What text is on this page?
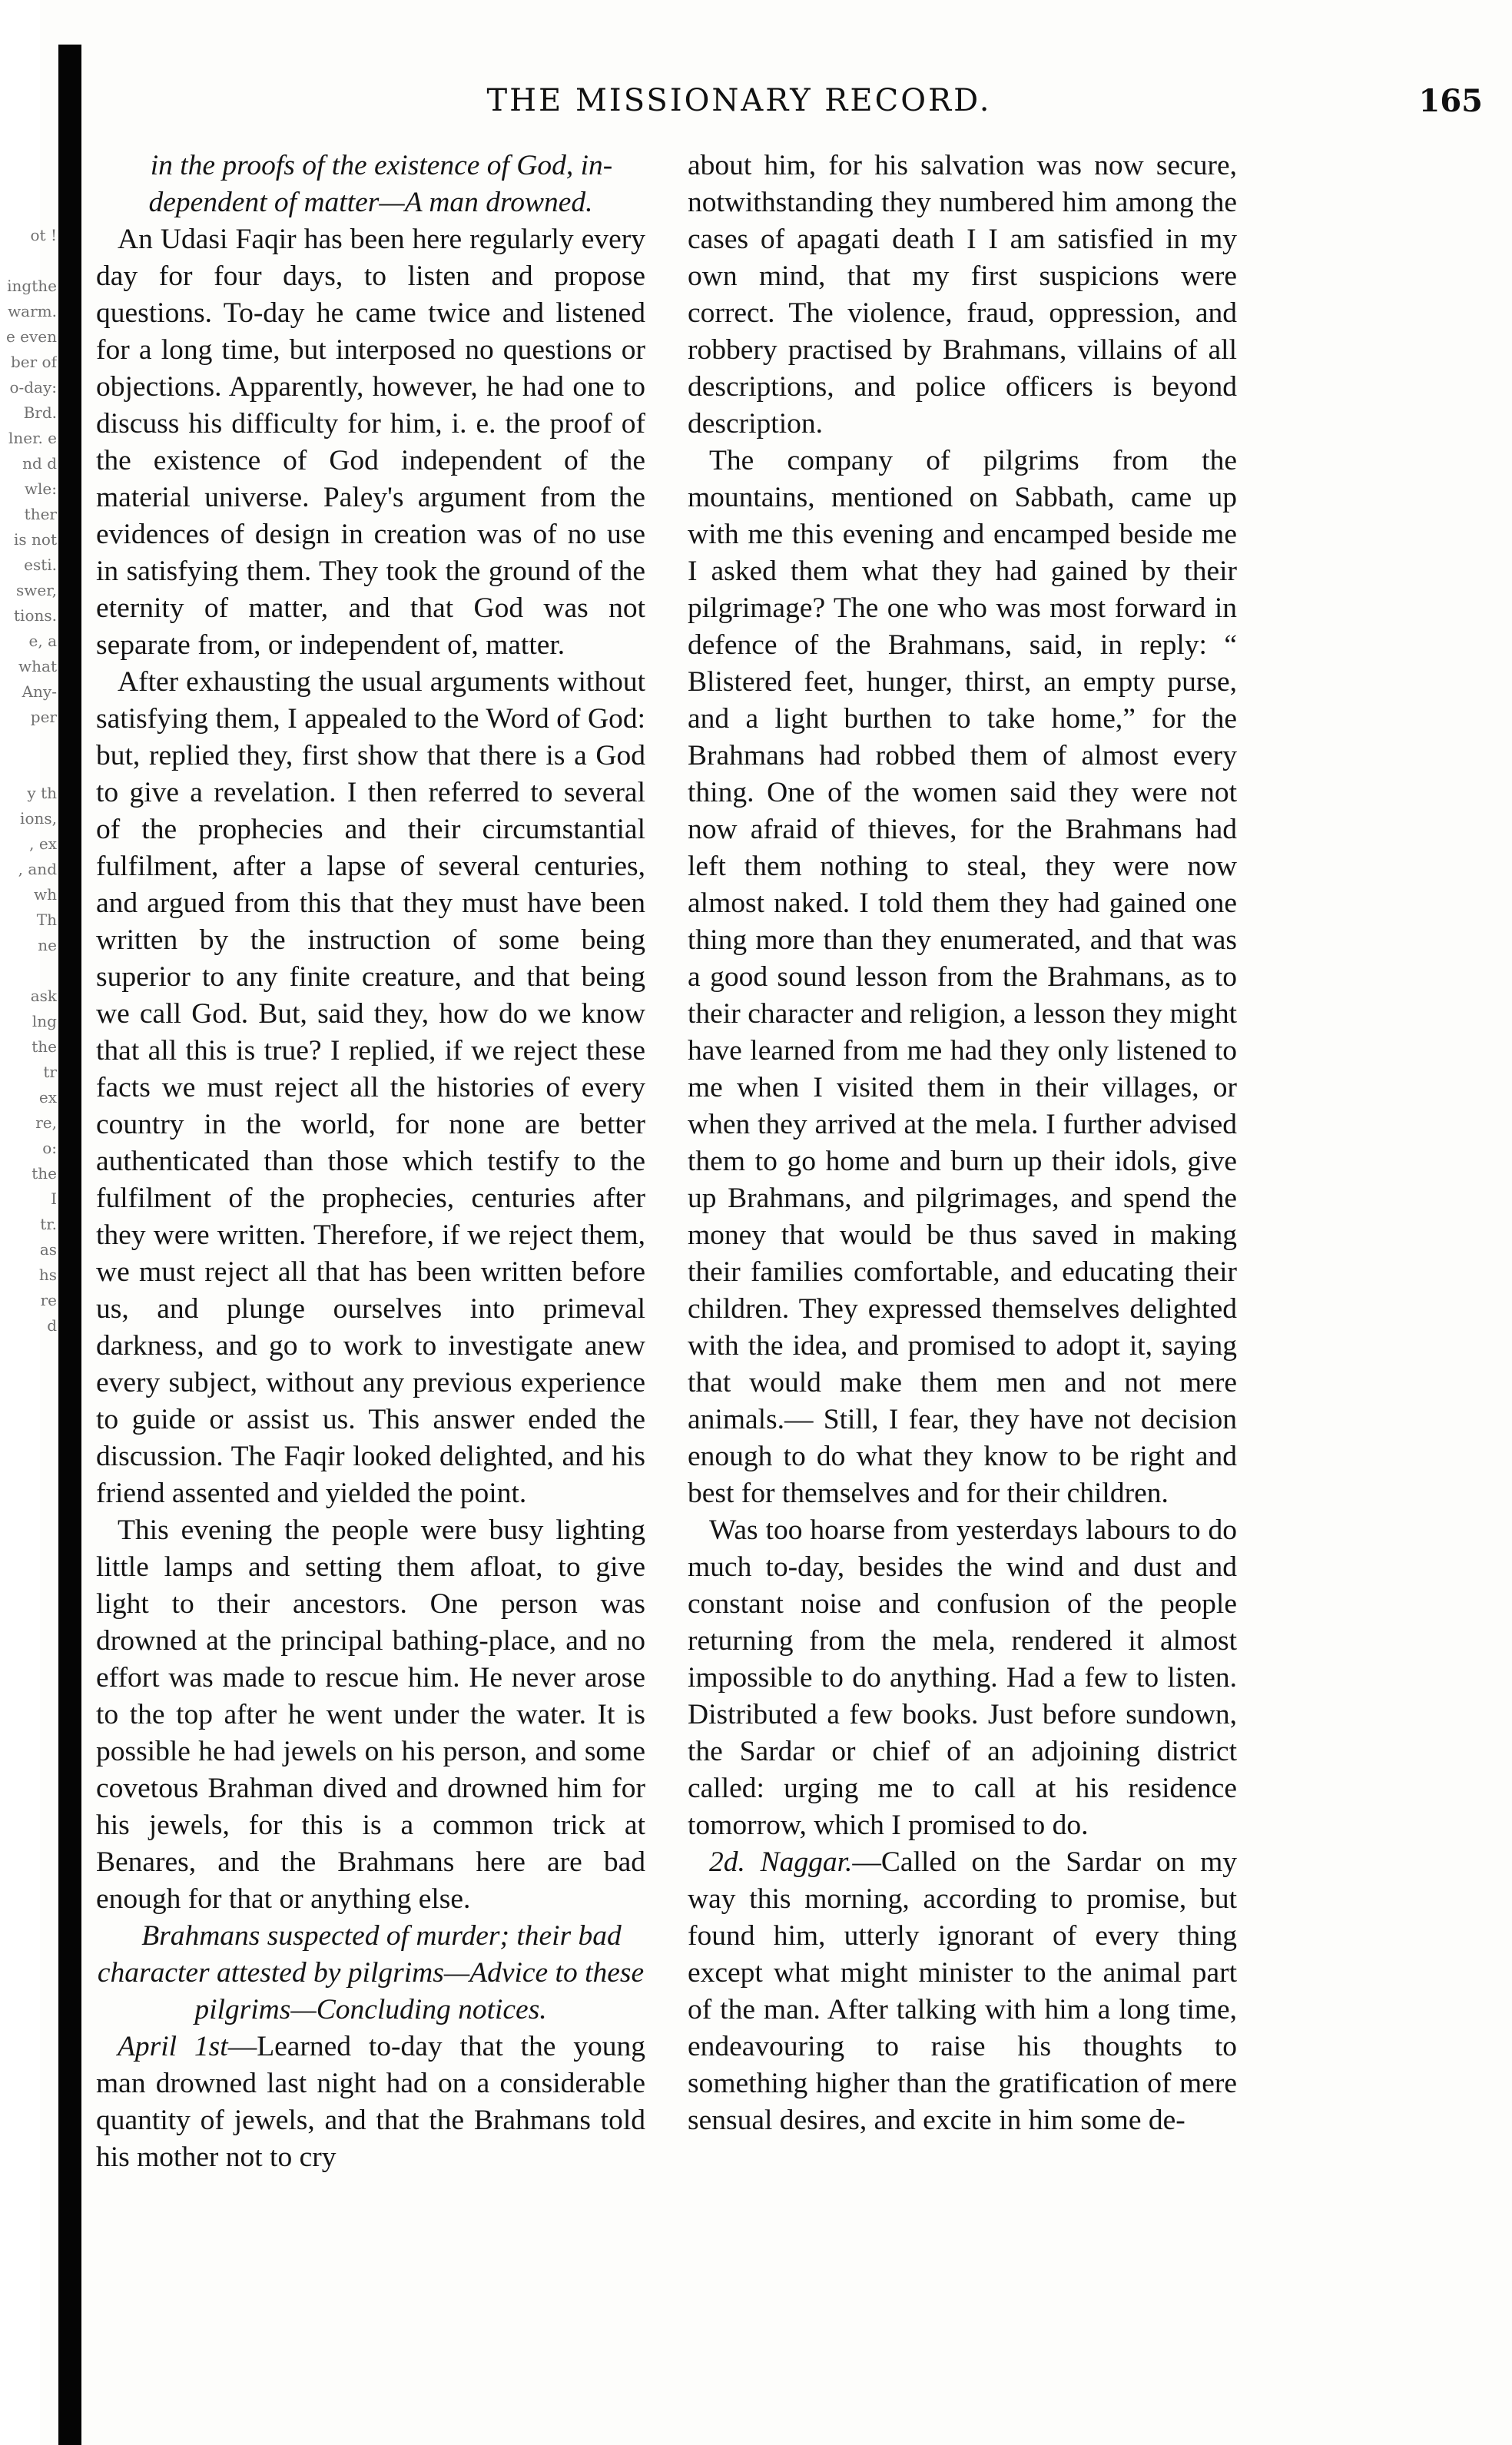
ot !
ingthe
warm.
e even
ber of
o-day:
Brd.
lner. e
nd d
wle:
ther
is not
esti.
swer,
tions.
e, a
what
Any-
per
y th
ions,
, ex
, and
wh
Th
ne
ask
lng
the
tr
ex
re,
o:
the
I
tr.
as
hs
re
d
THE MISSIONARY RECORD.	165

in the proofs of the existence of God, in-dependent of matter—A man drowned.

An Udasi Faqir has been here regularly every day for four days, to listen and propose questions. To-day he came twice and listened for a long time, but interposed no questions or objections. Apparently, however, he had one to discuss his difficulty for him, i. e. the proof of the existence of God independent of the material universe. Paley's argument from the evidences of design in creation was of no use in satisfying them. They took the ground of the eternity of matter, and that God was not separate from, or independent of, matter.

After exhausting the usual arguments without satisfying them, I appealed to the Word of God: but, replied they, first show that there is a God to give a revelation. I then referred to several of the prophecies and their circumstantial fulfilment, after a lapse of several centuries, and argued from this that they must have been written by the instruction of some being superior to any finite creature, and that being we call God. But, said they, how do we know that all this is true? I replied, if we reject these facts we must reject all the histories of every country in the world, for none are better authenticated than those which testify to the fulfilment of the prophecies, centuries after they were written. Therefore, if we reject them, we must reject all that has been written before us, and plunge ourselves into primeval darkness, and go to work to investigate anew every subject, without any previous experience to guide or assist us. This answer ended the discussion. The Faqir looked delighted, and his friend assented and yielded the point.

This evening the people were busy lighting little lamps and setting them afloat, to give light to their ancestors. One person was drowned at the principal bathing-place, and no effort was made to rescue him. He never arose to the top after he went under the water. It is possible he had jewels on his person, and some covetous Brahman dived and drowned him for his jewels, for this is a common trick at Benares, and the Brahmans here are bad enough for that or anything else.

Brahmans suspected of murder; their bad character attested by pilgrims—Advice to these pilgrims—Concluding notices.

April 1st—Learned to-day that the young man drowned last night had on a considerable quantity of jewels, and that the Brahmans told his mother not to cry

about him, for his salvation was now secure, notwithstanding they numbered him among the cases of apagati death I I am satisfied in my own mind, that my first suspicions were correct. The violence, fraud, oppression, and robbery practised by Brahmans, villains of all descriptions, and police officers is beyond description.

The company of pilgrims from the mountains, mentioned on Sabbath, came up with me this evening and encamped beside me I asked them what they had gained by their pilgrimage? The one who was most forward in defence of the Brahmans, said, in reply: “ Blistered feet, hunger, thirst, an empty purse, and a light burthen to take home,” for the Brahmans had robbed them of almost every thing. One of the women said they were not now afraid of thieves, for the Brahmans had left them nothing to steal, they were now almost naked. I told them they had gained one thing more than they enumerated, and that was a good sound lesson from the Brahmans, as to their character and religion, a lesson they might have learned from me had they only listened to me when I visited them in their villages, or when they arrived at the mela. I further advised them to go home and burn up their idols, give up Brahmans, and pilgrimages, and spend the money that would be thus saved in making their families comfortable, and educating their children. They expressed themselves delighted with the idea, and promised to adopt it, saying that would make them men and not mere animals.— Still, I fear, they have not decision enough to do what they know to be right and best for themselves and for their children.

Was too hoarse from yesterdays labours to do much to-day, besides the wind and dust and constant noise and confusion of the people returning from the mela, rendered it almost impossible to do anything. Had a few to listen. Distributed a few books. Just before sundown, the Sardar or chief of an adjoining district called: urging me to call at his residence tomorrow, which I promised to do.

2d. Naggar.—Called on the Sardar on my way this morning, according to promise, but found him, utterly ignorant of every thing except what might minister to the animal part of the man. After talking with him a long time, endeavouring to raise his thoughts to something higher than the gratification of mere sensual desires, and excite in him some de-
